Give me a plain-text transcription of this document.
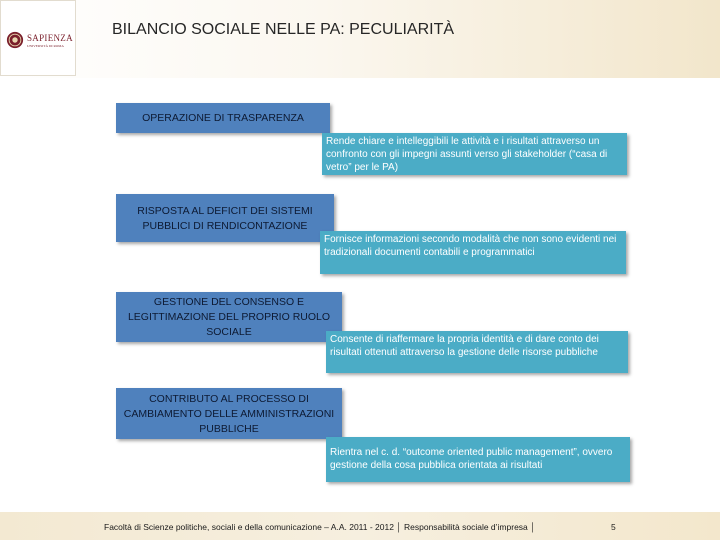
SAPIENZA
UNIVERSITÀ DI ROMA
BILANCIO SOCIALE NELLE PA: PECULIARITÀ
OPERAZIONE DI TRASPARENZA
Rende chiare e intelleggibili le attività e i risultati attraverso un confronto con gli impegni assunti verso gli stakeholder (“casa di vetro” per le PA)
RISPOSTA AL DEFICIT DEI SISTEMI PUBBLICI DI RENDICONTAZIONE
Fornisce informazioni secondo modalità che non sono evidenti nei tradizionali documenti contabili e programmatici
GESTIONE DEL CONSENSO E LEGITTIMAZIONE DEL PROPRIO RUOLO SOCIALE
Consente di riaffermare la propria identità e di dare conto dei risultati ottenuti attraverso la gestione delle risorse pubbliche
CONTRIBUTO AL PROCESSO DI CAMBIAMENTO DELLE AMMINISTRAZIONI PUBBLICHE
Rientra nel c. d. “outcome oriented public management”, ovvero gestione della cosa pubblica orientata ai risultati
Facoltà di Scienze politiche, sociali e della comunicazione – A.A. 2011 - 2012 │ Responsabilità sociale d’impresa │	5
